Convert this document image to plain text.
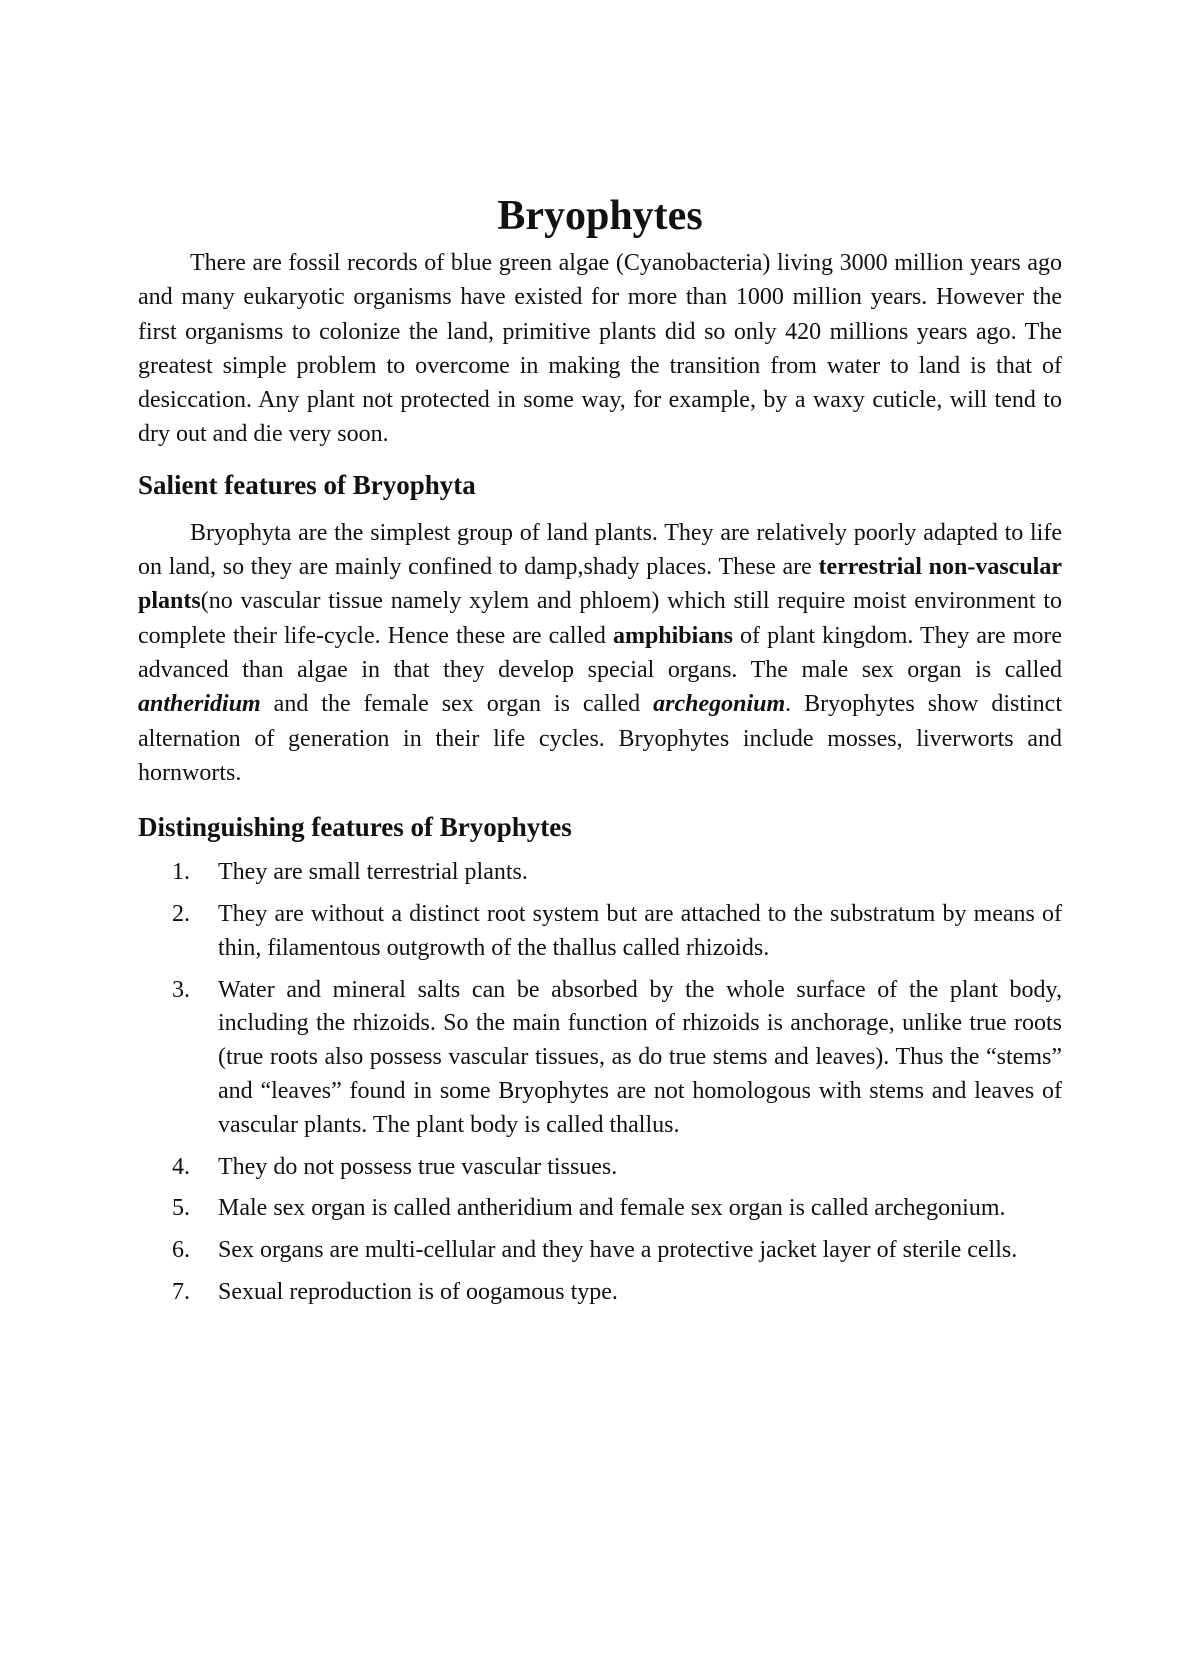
Bryophytes

There are fossil records of blue green algae (Cyanobacteria) living 3000 million years ago and many eukaryotic organisms have existed for more than 1000 million years. However the first organisms to colonize the land, primitive plants did so only 420 millions years ago. The greatest simple problem to overcome in making the transition from water to land is that of desiccation. Any plant not protected in some way, for example, by a waxy cuticle, will tend to dry out and die very soon.

Salient features of Bryophyta

Bryophyta are the simplest group of land plants. They are relatively poorly adapted to life on land, so they are mainly confined to damp,shady places. These are terrestrial non-vascular plants(no vascular tissue namely xylem and phloem) which still require moist environment to complete their life-cycle. Hence these are called amphibians of plant kingdom. They are more advanced than algae in that they develop special organs. The male sex organ is called antheridium and the female sex organ is called archegonium. Bryophytes show distinct alternation of generation in their life cycles. Bryophytes include mosses, liverworts and hornworts.

Distinguishing features of Bryophytes
1. They are small terrestrial plants.
2. They are without a distinct root system but are attached to the substratum by means of thin, filamentous outgrowth of the thallus called rhizoids.
3. Water and mineral salts can be absorbed by the whole surface of the plant body, including the rhizoids. So the main function of rhizoids is anchorage, unlike true roots (true roots also possess vascular tissues, as do true stems and leaves). Thus the “stems” and “leaves” found in some Bryophytes are not homologous with stems and leaves of vascular plants. The plant body is called thallus.
4. They do not possess true vascular tissues.
5. Male sex organ is called antheridium and female sex organ is called archegonium.
6. Sex organs are multi-cellular and they have a protective jacket layer of sterile cells.
7. Sexual reproduction is of oogamous type.
